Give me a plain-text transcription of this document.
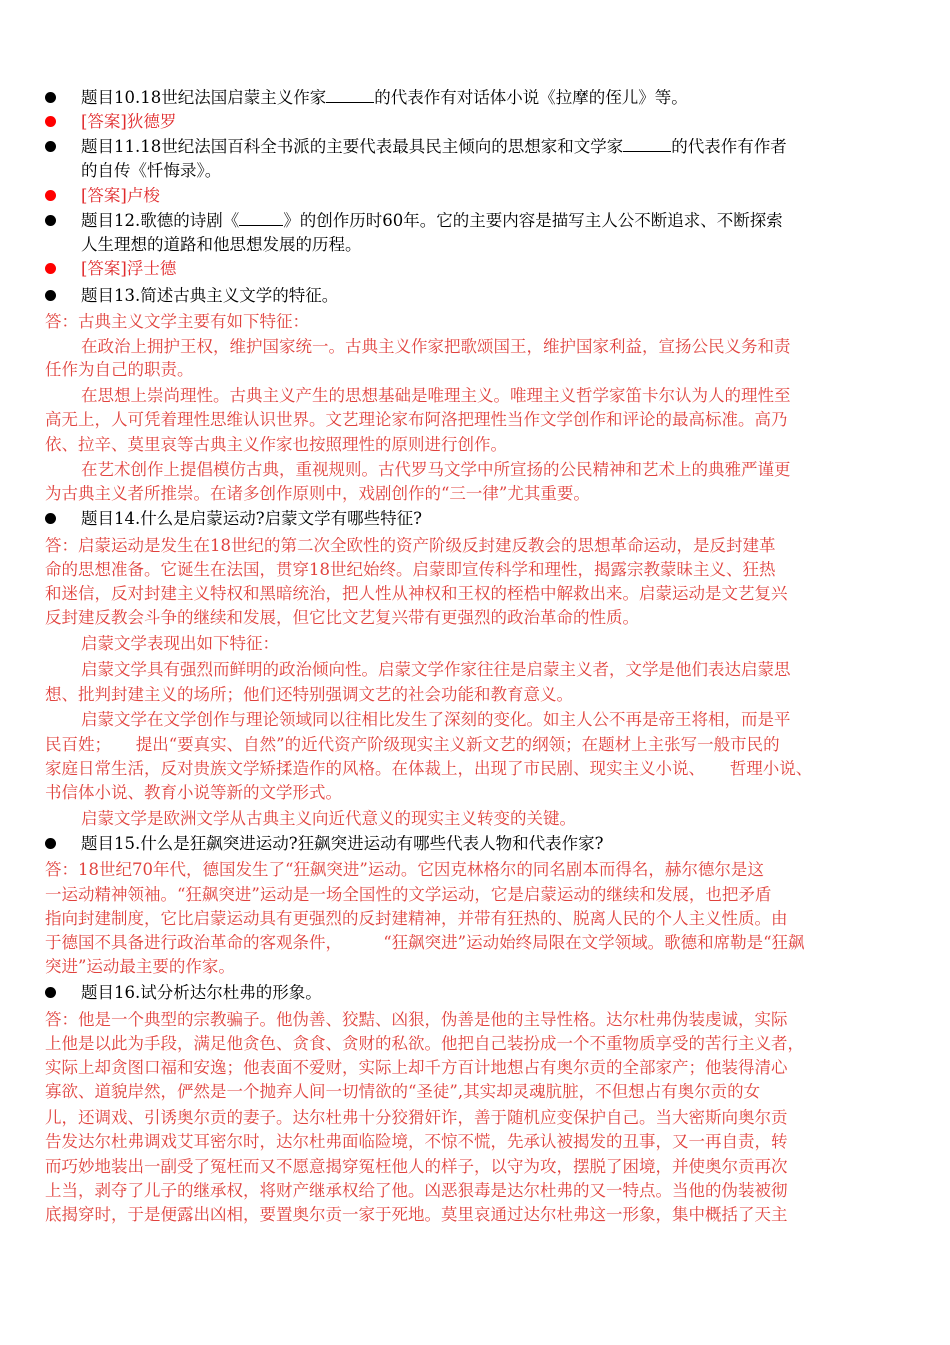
题目10.18世纪法国启蒙主义作家	的代表作有对话体小说《拉摩的侄儿》等。
[答案]狄德罗
题目11.18世纪法国百科全书派的主要代表最具民主倾向的思想家和文学家	的代表作有作者
的自传《忏悔录》。
[答案]卢梭
题目12.歌德的诗剧《	》的创作历时60年。它的主要内容是描写主人公不断追求、不断探索
人生理想的道路和他思想发展的历程。
[答案]浮士德
题目13.简述古典主义文学的特征。
答：古典主义文学主要有如下特征：
在政治上拥护王权，维护国家统一。古典主义作家把歌颂国王，维护国家利益，宣扬公民义务和责
任作为自己的职责。
在思想上崇尚理性。古典主义产生的思想基础是唯理主义。唯理主义哲学家笛卡尔认为人的理性至
高无上，人可凭着理性思维认识世界。文艺理论家布阿洛把理性当作文学创作和评论的最高标准。高乃
依、拉辛、莫里哀等古典主义作家也按照理性的原则进行创作。
在艺术创作上提倡模仿古典，重视规则。古代罗马文学中所宣扬的公民精神和艺术上的典雅严谨更
为古典主义者所推崇。在诸多创作原则中，戏剧创作的“三一律”尤其重要。
题目14.什么是启蒙运动?启蒙文学有哪些特征?
答：启蒙运动是发生在18世纪的第二次全欧性的资产阶级反封建反教会的思想革命运动，是反封建革
命的思想准备。它诞生在法国，贯穿18世纪始终。启蒙即宣传科学和理性，揭露宗教蒙昧主义、狂热
和迷信，反对封建主义特权和黑暗统治，把人性从神权和王权的桎梏中解救出来。启蒙运动是文艺复兴
反封建反教会斗争的继续和发展，但它比文艺复兴带有更强烈的政治革命的性质。
启蒙文学表现出如下特征：
启蒙文学具有强烈而鲜明的政治倾向性。启蒙文学作家往往是启蒙主义者，文学是他们表达启蒙思
想、批判封建主义的场所；他们还特别强调文艺的社会功能和教育意义。
启蒙文学在文学创作与理论领域同以往相比发生了深刻的变化。如主人公不再是帝王将相，而是平
民百姓；　　提出“要真实、自然”的近代资产阶级现实主义新文艺的纲领；在题材上主张写一般市民的
家庭日常生活，反对贵族文学矫揉造作的风格。在体裁上，出现了市民剧、现实主义小说、　　哲理小说、
书信体小说、教育小说等新的文学形式。
启蒙文学是欧洲文学从古典主义向近代意义的现实主义转变的关键。
题目15.什么是狂飙突进运动?狂飙突进运动有哪些代表人物和代表作家?
答：18世纪70年代，德国发生了“狂飙突进”运动。它因克林格尔的同名剧本而得名，赫尔德尔是这
一运动精神领袖。“狂飙突进”运动是一场全国性的文学运动，它是启蒙运动的继续和发展，也把矛盾
指向封建制度，它比启蒙运动具有更强烈的反封建精神，并带有狂热的、脱离人民的个人主义性质。由
于德国不具备进行政治革命的客观条件，　　　“狂飙突进”运动始终局限在文学领域。歌德和席勒是“狂飙
突进”运动最主要的作家。
题目16.试分析达尔杜弗的形象。
答：他是一个典型的宗教骗子。他伪善、狡黠、凶狠，伪善是他的主导性格。达尔杜弗伪装虔诚，实际
上他是以此为手段，满足他贪色、贪食、贪财的私欲。他把自己装扮成一个不重物质享受的苦行主义者，
实际上却贪图口福和安逸；他表面不爱财，实际上却千方百计地想占有奥尔贡的全部家产；他装得清心
寡欲、道貌岸然，俨然是一个抛弃人间一切情欲的“圣徒”,其实却灵魂肮脏，不但想占有奥尔贡的女
儿，还调戏、引诱奥尔贡的妻子。达尔杜弗十分狡猾奸诈，善于随机应变保护自己。当大密斯向奥尔贡
告发达尔杜弗调戏艾耳密尔时，达尔杜弗面临险境，不惊不慌，先承认被揭发的丑事，又一再自责，转
而巧妙地装出一副受了冤枉而又不愿意揭穿冤枉他人的样子，以守为攻，摆脱了困境，并使奥尔贡再次
上当，剥夺了儿子的继承权，将财产继承权给了他。凶恶狠毒是达尔杜弗的又一特点。当他的伪装被彻
底揭穿时，于是便露出凶相，要置奥尔贡一家于死地。莫里哀通过达尔杜弗这一形象，集中概括了天主
